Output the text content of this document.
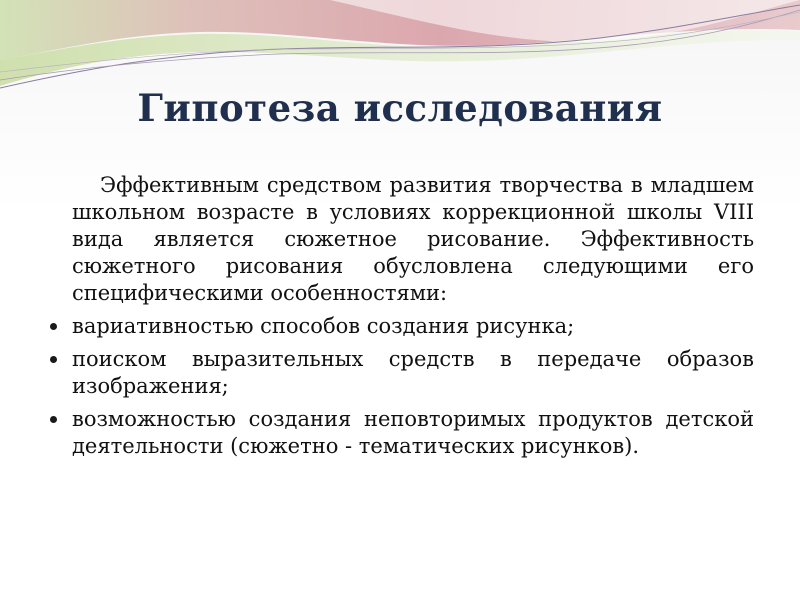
Гипотеза исследования

Эффективным средством развития творчества в младшем школьном возрасте в условиях коррекционной школы VIII вида является сюжетное рисование. Эффективность сюжетного рисования обусловлена следующими его специфическими особенностями:

вариативностью способов создания рисунка;
поиском выразительных средств в передаче образов изображения;
возможностью создания неповторимых продуктов детской деятельности (сюжетно - тематических рисунков).
